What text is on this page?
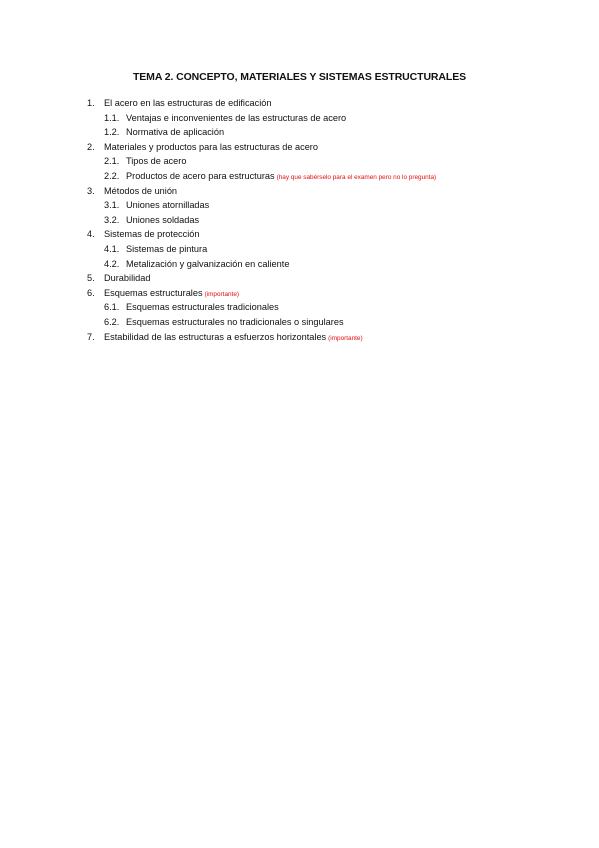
TEMA 2. CONCEPTO, MATERIALES Y SISTEMAS ESTRUCTURALES
1. El acero en las estructuras de edificación
1.1. Ventajas e inconvenientes de las estructuras de acero
1.2. Normativa de aplicación
2. Materiales y productos para las estructuras de acero
2.1. Tipos de acero
2.2. Productos de acero para estructuras (hay que sabérselo para el examen pero no lo pregunta)
3. Métodos de unión
3.1. Uniones atornilladas
3.2. Uniones soldadas
4. Sistemas de protección
4.1. Sistemas de pintura
4.2. Metalización y galvanización en caliente
5. Durabilidad
6. Esquemas estructurales (importante)
6.1. Esquemas estructurales tradicionales
6.2. Esquemas estructurales no tradicionales o singulares
7. Estabilidad de las estructuras a esfuerzos horizontales (importante)
